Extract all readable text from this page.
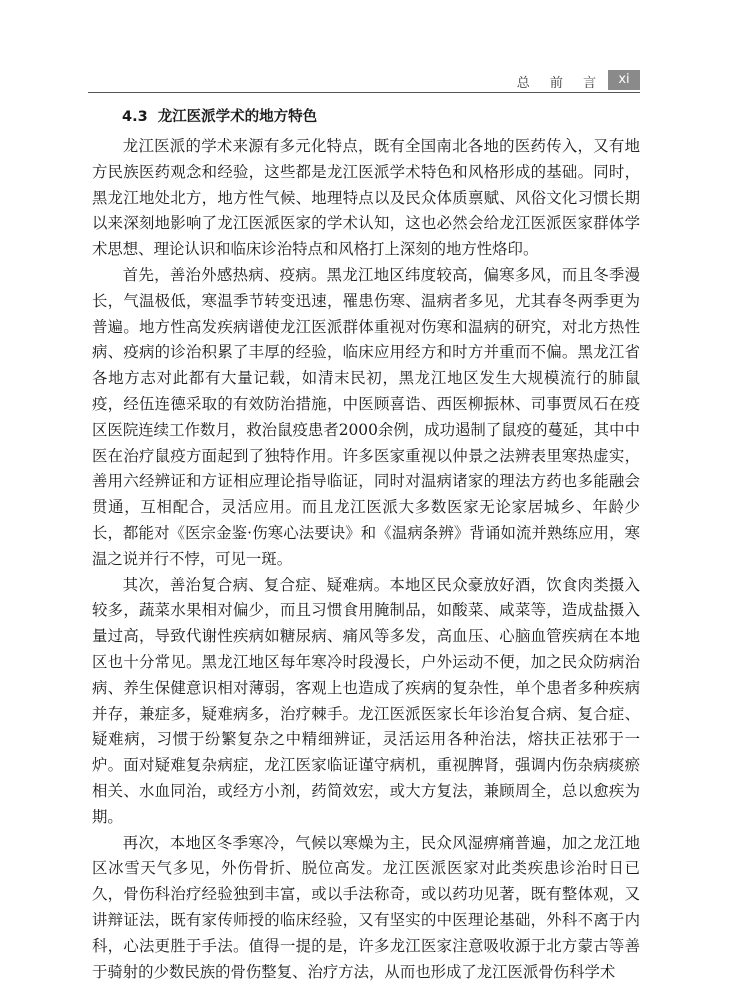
总 前 言	xi
4.3 龙江医派学术的地方特色

龙江医派的学术来源有多元化特点，既有全国南北各地的医药传入，又有地方民族医药观念和经验，这些都是龙江医派学术特色和风格形成的基础。同时，黑龙江地处北方，地方性气候、地理特点以及民众体质禀赋、风俗文化习惯长期以来深刻地影响了龙江医派医家的学术认知，这也必然会给龙江医派医家群体学术思想、理论认识和临床诊治特点和风格打上深刻的地方性烙印。

首先，善治外感热病、疫病。黑龙江地区纬度较高，偏寒多风，而且冬季漫长，气温极低，寒温季节转变迅速，罹患伤寒、温病者多见，尤其春冬两季更为普遍。地方性高发疾病谱使龙江医派群体重视对伤寒和温病的研究，对北方热性病、疫病的诊治积累了丰厚的经验，临床应用经方和时方并重而不偏。黑龙江省各地方志对此都有大量记载，如清末民初，黑龙江地区发生大规模流行的肺鼠疫，经伍连德采取的有效防治措施，中医顾喜诰、西医柳振林、司事贾凤石在疫区医院连续工作数月，救治鼠疫患者2000余例，成功遏制了鼠疫的蔓延，其中中医在治疗鼠疫方面起到了独特作用。许多医家重视以仲景之法辨表里寒热虚实，善用六经辨证和方证相应理论指导临证，同时对温病诸家的理法方药也多能融会贯通，互相配合，灵活应用。而且龙江医派大多数医家无论家居城乡、年龄少长，都能对《医宗金鉴·伤寒心法要诀》和《温病条辨》背诵如流并熟练应用，寒温之说并行不悖，可见一斑。

其次，善治复合病、复合症、疑难病。本地区民众豪放好酒，饮食肉类摄入较多，蔬菜水果相对偏少，而且习惯食用腌制品，如酸菜、咸菜等，造成盐摄入量过高，导致代谢性疾病如糖尿病、痛风等多发，高血压、心脑血管疾病在本地区也十分常见。黑龙江地区每年寒冷时段漫长，户外运动不便，加之民众防病治病、养生保健意识相对薄弱，客观上也造成了疾病的复杂性，单个患者多种疾病并存，兼症多，疑难病多，治疗棘手。龙江医派医家长年诊治复合病、复合症、疑难病，习惯于纷繁复杂之中精细辨证，灵活运用各种治法，熔扶正祛邪于一炉。面对疑难复杂病症，龙江医家临证谨守病机，重视脾肾，强调内伤杂病痰瘀相关、水血同治，或经方小剂，药简效宏，或大方复法，兼顾周全，总以愈疾为期。

再次，本地区冬季寒冷，气候以寒燥为主，民众风湿痹痛普遍，加之龙江地区冰雪天气多见，外伤骨折、脱位高发。龙江医派医家对此类疾患诊治时日已久，骨伤科治疗经验独到丰富，或以手法称奇，或以药功见著，既有整体观，又讲辩证法，既有家传师授的临床经验，又有坚实的中医理论基础，外科不离于内科，心法更胜于手法。值得一提的是，许多龙江医家注意吸收源于北方蒙古等善于骑射的少数民族的骨伤整复、治疗方法，从而也形成了龙江医派骨伤科学术
